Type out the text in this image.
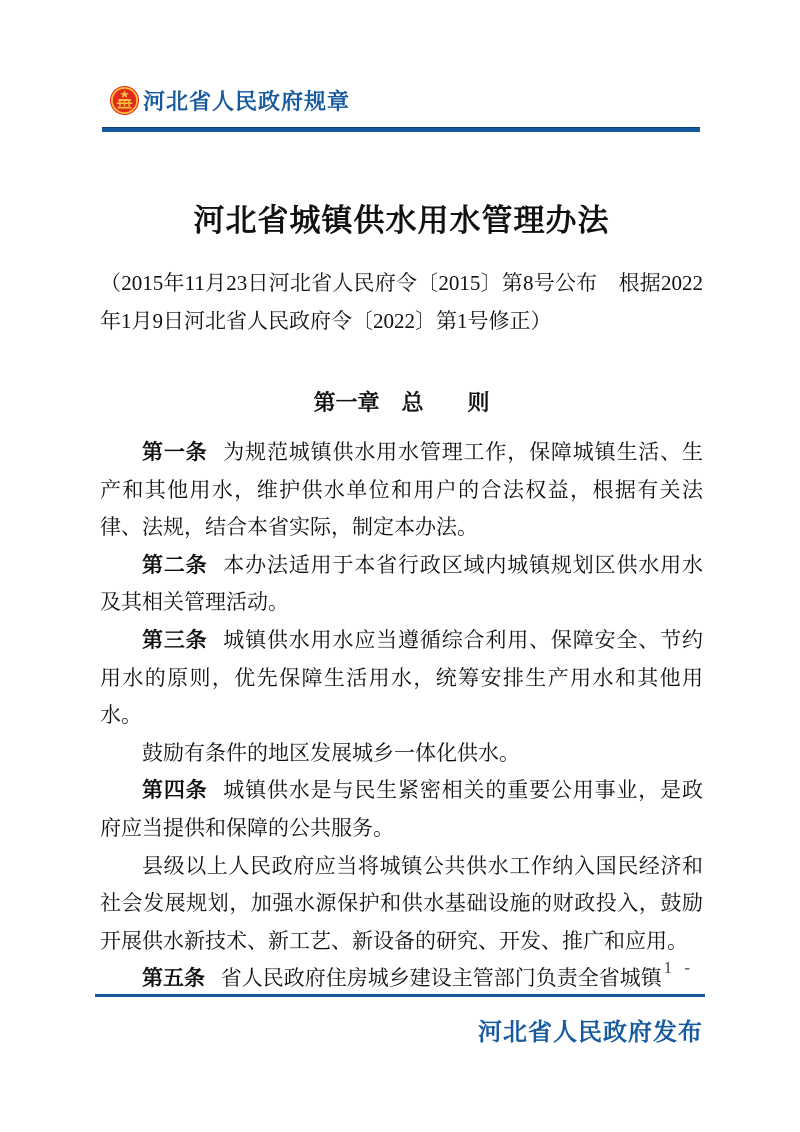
河北省人民政府规章
河北省城镇供水用水管理办法

（2015年11月23日河北省人民府令〔2015〕第8号公布　根据2022年1月9日河北省人民政府令〔2022〕第1号修正）

第一章　总　　则

第一条 为规范城镇供水用水管理工作，保障城镇生活、生产和其他用水，维护供水单位和用户的合法权益，根据有关法律、法规，结合本省实际，制定本办法。

第二条 本办法适用于本省行政区域内城镇规划区供水用水及其相关管理活动。

第三条 城镇供水用水应当遵循综合利用、保障安全、节约用水的原则，优先保障生活用水，统筹安排生产用水和其他用水。

鼓励有条件的地区发展城乡一体化供水。

第四条 城镇供水是与民生紧密相关的重要公用事业，是政府应当提供和保障的公共服务。

县级以上人民政府应当将城镇公共供水工作纳入国民经济和社会发展规划，加强水源保护和供水基础设施的财政投入，鼓励开展供水新技术、新工艺、新设备的研究、开发、推广和应用。

第五条 省人民政府住房城乡建设主管部门负责全省城镇

- 1 -
河北省人民政府发布
